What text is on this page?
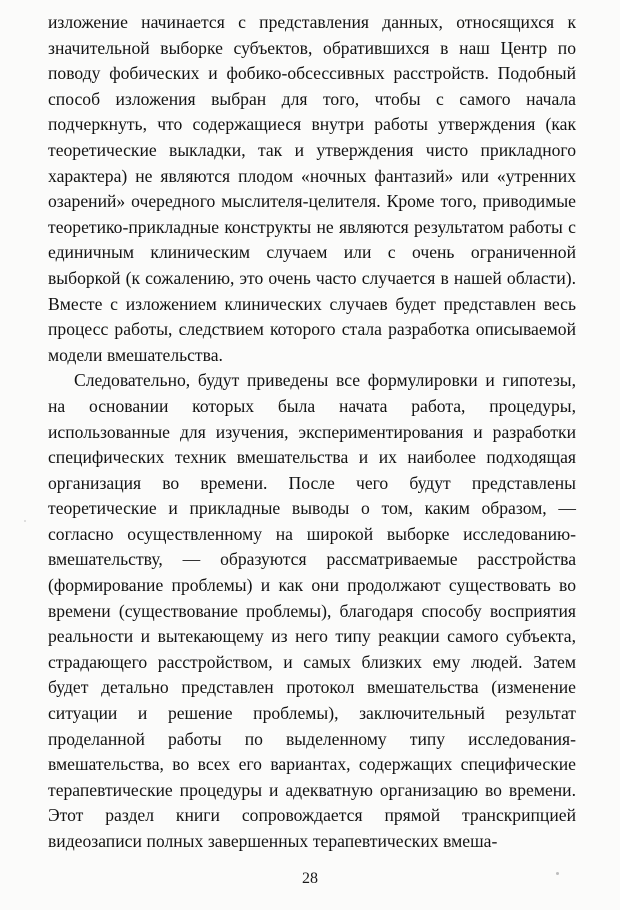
изложение начинается с представления данных, относящихся к значительной выборке субъектов, обратившихся в наш Центр по поводу фобических и фобико-обсессивных расстройств. Подобный способ изложения выбран для того, чтобы с самого начала подчеркнуть, что содержащиеся внутри работы утверждения (как теоретические выкладки, так и утверждения чисто прикладного характера) не являются плодом «ночных фантазий» или «утренних озарений» очередного мыслителя-целителя. Кроме того, приводимые теоретико-прикладные конструкты не являются результатом работы с единичным клиническим случаем или с очень ограниченной выборкой (к сожалению, это очень часто случается в нашей области). Вместе с изложением клинических случаев будет представлен весь процесс работы, следствием которого стала разработка описываемой модели вмешательства.

Следовательно, будут приведены все формулировки и гипотезы, на основании которых была начата работа, процедуры, использованные для изучения, экспериментирования и разработки специфических техник вмешательства и их наиболее подходящая организация во времени. После чего будут представлены теоретические и прикладные выводы о том, каким образом, — согласно осуществленному на широкой выборке исследованию-вмешательству, — образуются рассматриваемые расстройства (формирование проблемы) и как они продолжают существовать во времени (существование проблемы), благодаря способу восприятия реальности и вытекающему из него типу реакции самого субъекта, страдающего расстройством, и самых близких ему людей. Затем будет детально представлен протокол вмешательства (изменение ситуации и решение проблемы), заключительный результат проделанной работы по выделенному типу исследования-вмешательства, во всех его вариантах, содержащих специфические терапевтические процедуры и адекватную организацию во времени. Этот раздел книги сопровождается прямой транскрипцией видеозаписи полных завершенных терапевтических вмеша-

28
